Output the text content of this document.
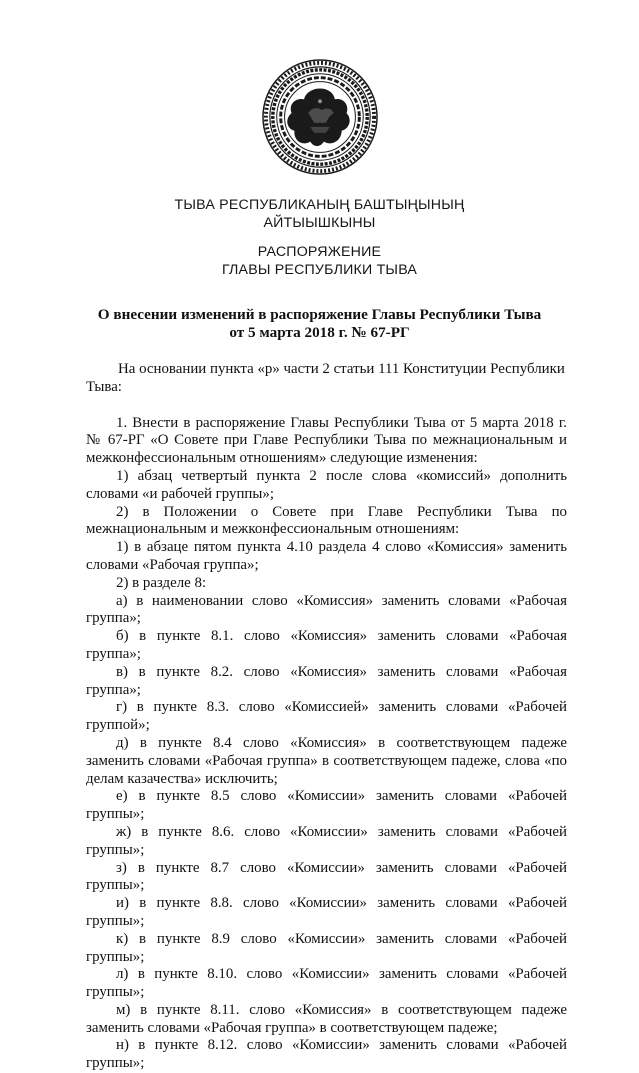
ТЫВА РЕСПУБЛИКАНЫҢ БАШТЫҢЫНЫҢ
АЙТЫЫШКЫНЫ
РАСПОРЯЖЕНИЕ
ГЛАВЫ РЕСПУБЛИКИ ТЫВА
О внесении изменений в распоряжение Главы Республики Тыва
от 5 марта 2018 г. № 67-РГ

На основании пункта «р» части 2 статьи 111 Конституции Республики Тыва:

1. Внести в распоряжение Главы Республики Тыва от 5 марта 2018 г. № 67-РГ «О Совете при Главе Республики Тыва по межнациональным и межконфессиональным отношениям» следующие изменения:

1) абзац четвертый пункта 2 после слова «комиссий» дополнить словами «и рабочей группы»;

2) в Положении о Совете при Главе Республики Тыва по межнациональным и межконфессиональным отношениям:

1) в абзаце пятом пункта 4.10 раздела 4 слово «Комиссия» заменить словами «Рабочая группа»;

2) в разделе 8:

а) в наименовании слово «Комиссия» заменить словами «Рабочая группа»;

б) в пункте 8.1. слово «Комиссия» заменить словами «Рабочая группа»;

в) в пункте 8.2. слово «Комиссия» заменить словами «Рабочая группа»;

г) в пункте 8.3. слово «Комиссией» заменить словами «Рабочей группой»;

д) в пункте 8.4 слово «Комиссия» в соответствующем падеже заменить словами «Рабочая группа» в соответствующем падеже, слова «по делам казачества» исключить;

е) в пункте 8.5 слово «Комиссии» заменить словами «Рабочей группы»;

ж) в пункте 8.6. слово «Комиссии» заменить словами «Рабочей группы»;

з) в пункте 8.7 слово «Комиссии» заменить словами «Рабочей группы»;

и) в пункте 8.8. слово «Комиссии» заменить словами «Рабочей группы»;

к) в пункте 8.9 слово «Комиссии» заменить словами «Рабочей группы»;

л) в пункте 8.10. слово «Комиссии» заменить словами «Рабочей группы»;

м) в пункте 8.11. слово «Комиссия» в соответствующем падеже заменить словами «Рабочая группа» в соответствующем падеже;

н) в пункте 8.12. слово «Комиссии» заменить словами «Рабочей группы»;
